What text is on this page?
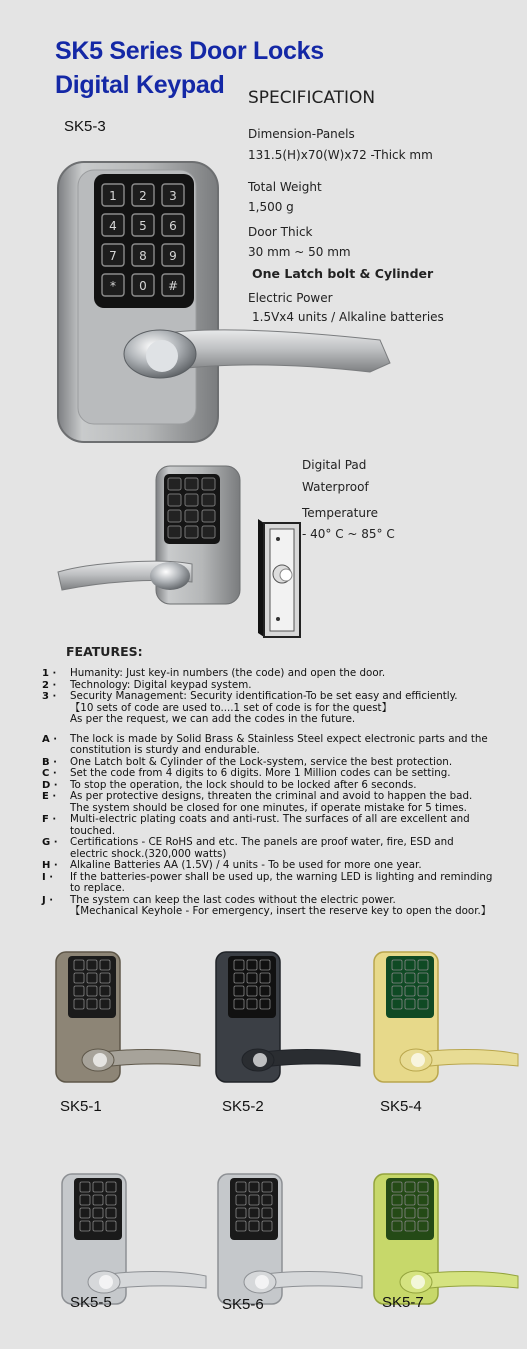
SK5 Series Door Locks
Digital Keypad SPECIFICATION
SK5-3	Dimension-Panels
131.5(H)x70(W)x72 -Thick mm
Total Weight
1,500 g
Door Thick
30 mm ~ 50 mm
One Latch bolt & Cylinder
Electric Power
1.5Vx4 units / Alkaline batteries
Digital Pad
Waterproof
Temperature
- 40° C ~ 85° C
1 2 3
4 5 6
7 8 9
* 0 #
FEATURES:
1 · Humanity: Just key-in numbers (the code) and open the door.
2 · Technology: Digital keypad system.
3 · Security Management: Security identification-To be set easy and efficiently.
【10 sets of code are used to....1 set of code is for the quest】
As per the request, we can add the codes in the future.
A · The lock is made by Solid Brass & Stainless Steel expect electronic parts and the
constitution is sturdy and endurable.
B · One Latch bolt & Cylinder of the Lock-system, service the best protection.
C · Set the code from 4 digits to 6 digits. More 1 Million codes can be setting.
D · To stop the operation, the lock should to be locked after 6 seconds.
E · As per protective designs, threaten the criminal and avoid to happen the bad.
The system should be closed for one minutes, if operate mistake for 5 times.
F · Multi-electric plating coats and anti-rust. The surfaces of all are excellent and
touched.
G · Certifications - CE RoHS and etc. The panels are proof water, fire, ESD and
electric shock.(320,000 watts)
H · Alkaline Batteries AA (1.5V) / 4 units - To be used for more one year.
I · If the batteries-power shall be used up, the warning LED is lighting and reminding
to replace.
J · The system can keep the last codes without the electric power.
【Mechanical Keyhole - For emergency, insert the reserve key to open the door.】
SK5-1	SK5-2	SK5-4
SK5-5	SK5-6	SK5-7
